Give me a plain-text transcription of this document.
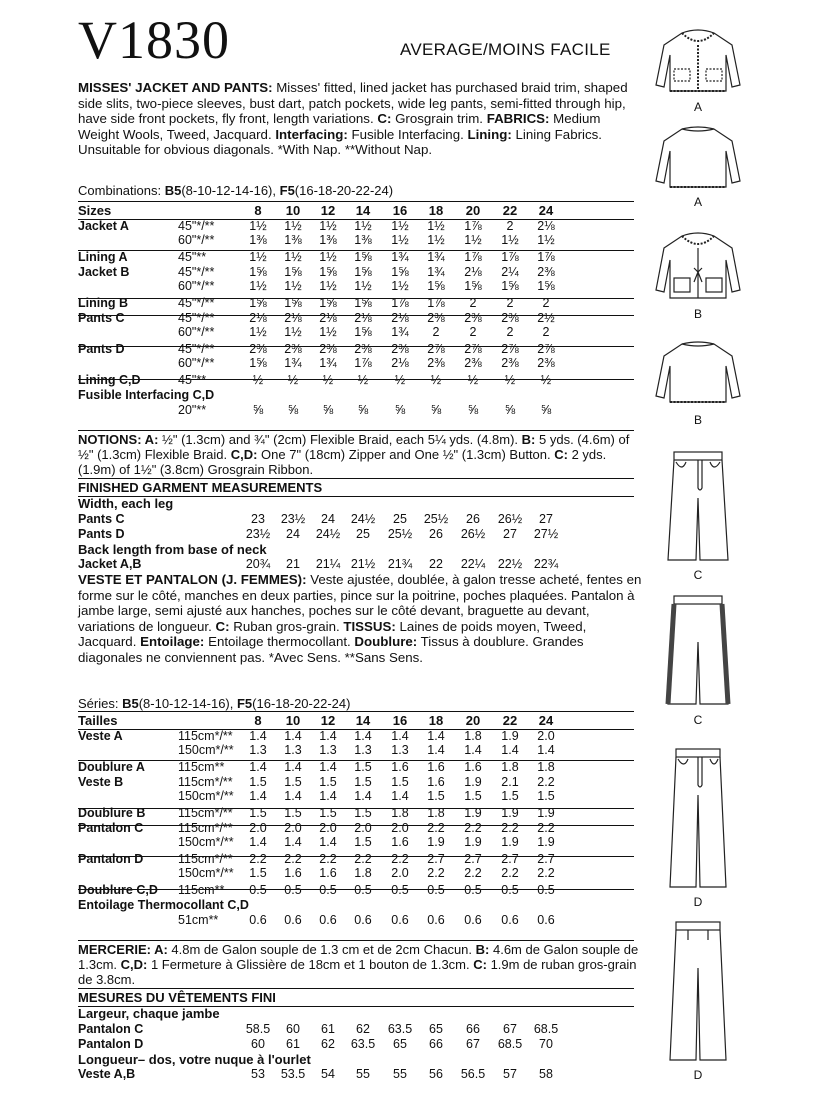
V1830	AVERAGE/MOINS FACILE
MISSES' JACKET AND PANTS: Misses' fitted, lined jacket has purchased braid trim, shaped side slits, two-piece sleeves, bust dart, patch pockets, wide leg pants, semi-fitted through hip, have side front pockets, fly front, length variations. C: Grosgrain trim. FABRICS: Medium Weight Wools, Tweed, Jacquard. Interfacing: Fusible Interfacing. Lining: Lining Fabrics. Unsuitable for obvious diagonals. *With Nap. **Without Nap.
Combinations: B5(8-10-12-14-16), F5(16-18-20-22-24)
Sizes	8	10	12	14	16	18	20	22	24
Jacket A	45"*/**	1½	1½	1½	1½	1½	1½	1⅞	2	2⅛
60"*/**	1⅜	1⅜	1⅜	1⅜	1½	1½	1½	1½	1½
Lining A	45"**	1½	1½	1½	1⅝	1¾	1¾	1⅞	1⅞	1⅞
Jacket B	45"*/**	1⅝	1⅝	1⅝	1⅝	1⅝	1¾	2⅛	2¼	2⅜
60"*/**	1½	1½	1½	1½	1½	1⅝	1⅝	1⅝	1⅝
Lining B	45"*/**	1⅝	1⅝	1⅝	1⅝	1⅞	1⅞	2	2	2
Pants C	45"*/**	2⅛	2⅛	2⅛	2⅛	2⅛	2⅜	2⅜	2⅜	2½
60"*/**	1½	1½	1½	1⅝	1¾	2	2	2	2
Pants D	45"*/**	2⅜	2⅜	2⅜	2⅜	2⅜	2⅞	2⅞	2⅞	2⅞
60"*/**	1⅝	1¾	1¾	1⅞	2⅛	2⅜	2⅜	2⅜	2⅜
Lining C,D	45"**	½	½	½	½	½	½	½	½	½
Fusible Interfacing C,D
20"**	⅝	⅝	⅝	⅝	⅝	⅝	⅝	⅝	⅝
NOTIONS: A: ½" (1.3cm) and ¾" (2cm) Flexible Braid, each 5¼ yds. (4.8m). B: 5 yds. (4.6m) of ½" (1.3cm) Flexible Braid. C,D: One 7" (18cm) Zipper and One ½" (1.3cm) Button. C: 2 yds. (1.9m) of 1½" (3.8cm) Grosgrain Ribbon.
FINISHED GARMENT MEASUREMENTS
Width, each leg
Pants C	23	23½	24	24½	25	25½	26	26½	27
Pants D	23½	24	24½	25	25½	26	26½	27	27½
Back length from base of neck
Jacket A,B	20¾	21	21¼ 21½	21¾	22	22¼	22½ 22¾
VESTE ET PANTALON (J. FEMMES): Veste ajustée, doublée, à galon tresse acheté, fentes en forme sur le côté, manches en deux parties, pince sur la poitrine, poches plaquées. Pantalon à jambe large, semi ajusté aux hanches, poches sur le côté devant, braguette au devant, variations de longueur. C: Ruban gros-grain. TISSUS: Laines de poids moyen, Tweed, Jacquard. Entoilage: Entoilage thermocollant. Doublure: Tissus à doublure. Grandes diagonales ne conviennent pas. *Avec Sens. **Sans Sens.
Séries: B5(8-10-12-14-16), F5(16-18-20-22-24)
Tailles	8	10	12	14	16	18	20	22	24
Veste A	115cm*/**	1.4	1.4	1.4	1.4	1.4	1.4	1.8	1.9	2.0
150cm*/**	1.3	1.3	1.3	1.3	1.3	1.4	1.4	1.4	1.4
Doublure A	115cm**	1.4	1.4	1.4	1.5	1.6	1.6	1.6	1.8	1.8
Veste B	115cm*/**	1.5	1.5	1.5	1.5	1.5	1.6	1.9	2.1	2.2
150cm*/**	1.4	1.4	1.4	1.4	1.4	1.5	1.5	1.5	1.5
Doublure B	115cm*/**	1.5	1.5	1.5	1.5	1.8	1.8	1.9	1.9	1.9
Pantalon C	115cm*/**	2.0	2.0	2.0	2.0	2.0	2.2	2.2	2.2	2.2
150cm*/**	1.4	1.4	1.4	1.5	1.6	1.9	1.9	1.9	1.9
Pantalon D	115cm*/**	2.2	2.2	2.2	2.2	2.2	2.7	2.7	2.7	2.7
150cm*/**	1.5	1.6	1.6	1.8	2.0	2.2	2.2	2.2	2.2
Doublure C,D 115cm**	0.5	0.5	0.5	0.5	0.5	0.5	0.5	0.5	0.5
Entoilage Thermocollant C,D
51cm**	0.6	0.6	0.6	0.6	0.6	0.6	0.6	0.6	0.6
MERCERIE: A: 4.8m de Galon souple de 1.3 cm et de 2cm Chacun. B: 4.6m de Galon souple de 1.3cm. C,D: 1 Fermeture à Glissière de 18cm et 1 bouton de 1.3cm. C: 1.9m de ruban gros-grain de 3.8cm.
MESURES DU VÊTEMENTS FINI
Largeur, chaque jambe
Pantalon C	58.5	60	61	62	63.5	65	66	67	68.5
Pantalon D	60	61	62	63.5	65	66	67	68.5	70
Longueur– dos, votre nuque à l'ourlet
Veste A,B	53	53.5	54	55	55	56	56.5	57	58
A
A
B
B
C
C
D
D
